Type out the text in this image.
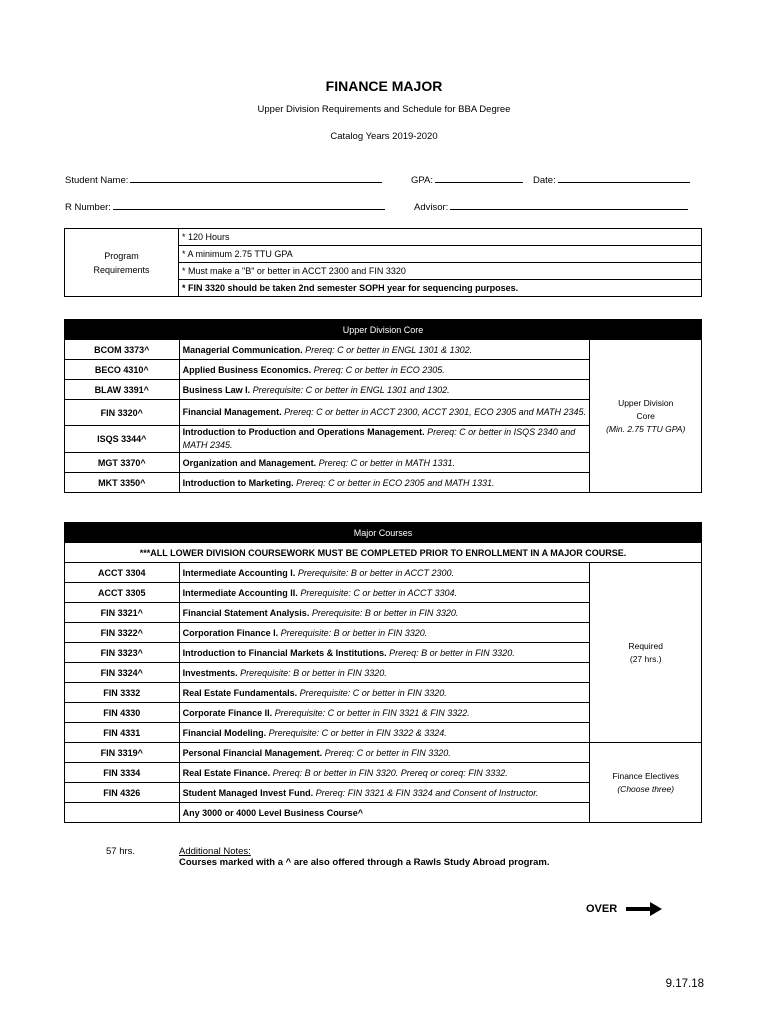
FINANCE MAJOR
Upper Division Requirements and Schedule for BBA Degree
Catalog Years 2019-2020
Student Name:	GPA:	Date:
R Number:	Advisor:
Program
Requirements	* 120 Hours
* A minimum 2.75 TTU GPA
* Must make a "B" or better in ACCT 2300 and FIN 3320
* FIN 3320 should be taken 2nd semester SOPH year for sequencing purposes.
Upper Division Core		
BCOM 3373^	Managerial Communication. Prereq: C or better in ENGL 1301 & 1302.	Upper Division
Core
(Min. 2.75 TTU GPA)
BECO 4310^	Applied Business Economics. Prereq: C or better in ECO 2305.	
BLAW 3391^	Business Law I. Prerequisite: C or better in ENGL 1301 and 1302.	
FIN 3320^	Financial Management. Prereq: C or better in ACCT 2300, ACCT 2301, ECO 2305 and MATH 2345.	
ISQS 3344^	Introduction to Production and Operations Management. Prereq: C or better in ISQS 2340 and MATH 2345.	
MGT 3370^	Organization and Management. Prereq: C or better in MATH 1331.	
MKT 3350^	Introduction to Marketing. Prereq: C or better in ECO 2305 and MATH 1331.	
Major Courses		
***ALL LOWER DIVISION COURSEWORK MUST BE COMPLETED PRIOR TO ENROLLMENT IN A MAJOR COURSE.		
ACCT 3304	Intermediate Accounting I. Prerequisite: B or better in ACCT 2300.	Required
(27 hrs.)
ACCT 3305	Intermediate Accounting II. Prerequisite: C or better in ACCT 3304.	
FIN 3321^	Financial Statement Analysis. Prerequisite: B or better in FIN 3320.	
FIN 3322^	Corporation Finance I. Prerequisite: B or better in FIN 3320.	
FIN 3323^	Introduction to Financial Markets & Institutions. Prereq: B or better in FIN 3320.	
FIN 3324^	Investments. Prerequisite: B or better in FIN 3320.	
FIN 3332	Real Estate Fundamentals. Prerequisite: C or better in FIN 3320.	
FIN 4330	Corporate Finance II. Prerequisite: C or better in FIN 3321 & FIN 3322.	
FIN 4331	Financial Modeling. Prerequisite: C or better in FIN 3322 & 3324.	
FIN 3319^	Personal Financial Management. Prereq: C or better in FIN 3320.	Finance Electives
(Choose three)
FIN 3334	Real Estate Finance. Prereq: B or better in FIN 3320. Prereq or coreq: FIN 3332.	
FIN 4326	Student Managed Invest Fund. Prereq: FIN 3321 & FIN 3324 and Consent of Instructor.	
	Any 3000 or 4000 Level Business Course^	
57 hrs.	Additional Notes:
Courses marked with a ^ are also offered through a Rawls Study Abroad program.
OVER
9.17.18
